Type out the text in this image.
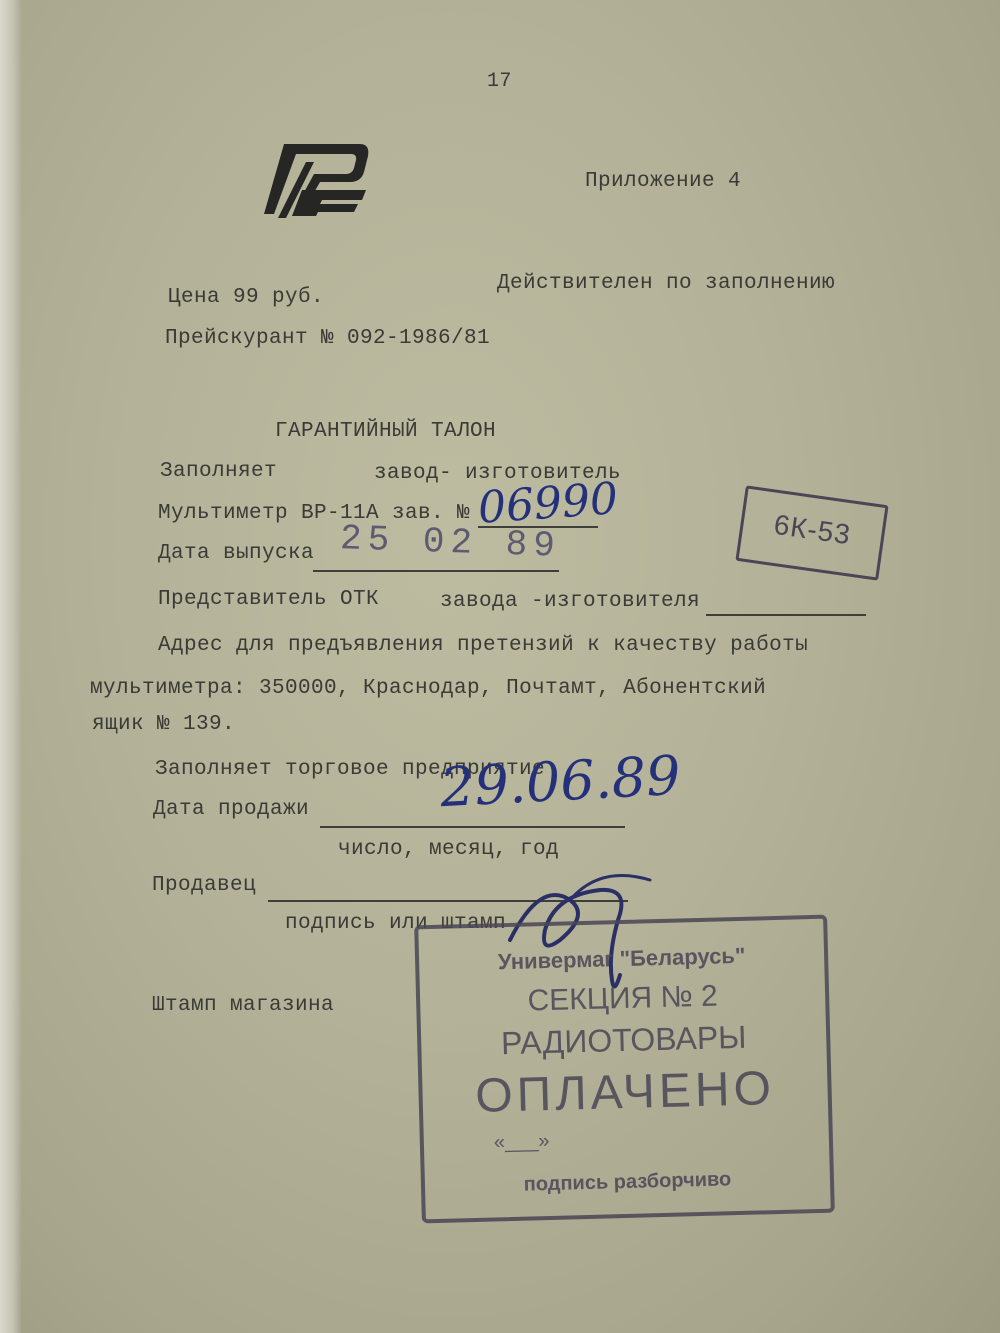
17
Приложение 4
Действителен по заполнению
Цена 99 руб.
Прейскурант № 092-1986/81
ГАРАНТИЙНЫЙ ТАЛОН
Заполняет	завод- изготовитель
Мультиметр ВР-11А зав. № 06990
Дата выпуска 25 02 89	6К-53
Представитель ОТК	завода -изготовителя
Адрес для предъявления претензий к качеству работы
мультиметра: 350000, Краснодар, Почтамт, Абонентский
ящик № 139.
Заполняет торговое предприятие
29.06.89
Дата продажи
число, месяц, год
Продавец
подпись или штамп
Штамп магазина
Универмаг "Беларусь"
СЕКЦИЯ № 2
РАДИОТОВАРЫ
ОПЛАЧЕНО
«___»
подпись разборчиво
